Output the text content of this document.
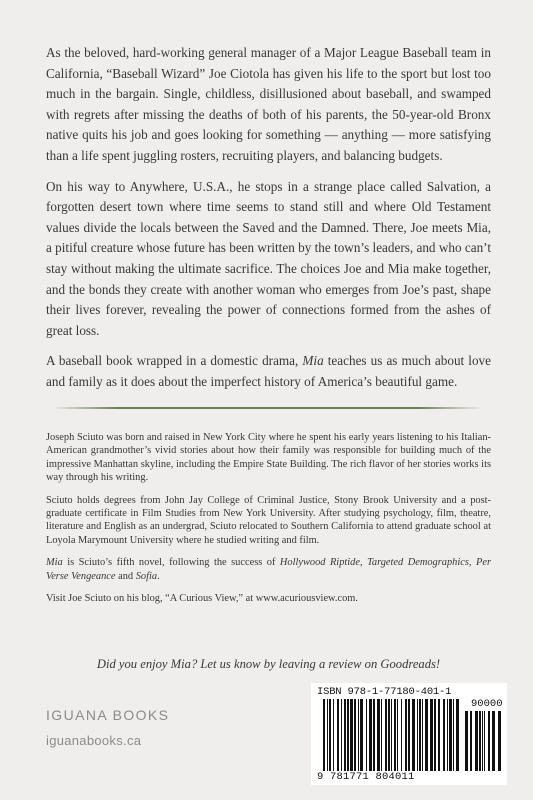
As the beloved, hard-working general manager of a Major League Baseball team in California, “Baseball Wizard” Joe Ciotola has given his life to the sport but lost too much in the bargain. Single, childless, disillusioned about baseball, and swamped with regrets after missing the deaths of both of his parents, the 50-year-old Bronx native quits his job and goes looking for something — anything — more satisfying than a life spent juggling rosters, recruiting players, and balancing budgets.

On his way to Anywhere, U.S.A., he stops in a strange place called Salvation, a forgotten desert town where time seems to stand still and where Old Testament values divide the locals between the Saved and the Damned. There, Joe meets Mia, a pitiful creature whose future has been written by the town’s leaders, and who can’t stay without making the ultimate sacrifice. The choices Joe and Mia make together, and the bonds they create with another woman who emerges from Joe’s past, shape their lives forever, revealing the power of connections formed from the ashes of great loss.

A baseball book wrapped in a domestic drama, Mia teaches us as much about love and family as it does about the imperfect history of America’s beautiful game.

Joseph Sciuto was born and raised in New York City where he spent his early years listening to his Italian-American grandmother’s vivid stories about how their family was responsible for building much of the impressive Manhattan skyline, including the Empire State Building. The rich flavor of her stories works its way through his writing.

Sciuto holds degrees from John Jay College of Criminal Justice, Stony Brook University and a post-graduate certificate in Film Studies from New York University. After studying psychology, film, theatre, literature and English as an undergrad, Sciuto relocated to Southern California to attend graduate school at Loyola Marymount University where he studied writing and film.

Mia is Sciuto’s fifth novel, following the success of Hollywood Riptide, Targeted Demographics, Per Verse Vengeance and Sofia.

Visit Joe Sciuto on his blog, “A Curious View,” at www.acuriousview.com.

Did you enjoy Mia? Let us know by leaving a review on Goodreads!
IGUANA BOOKS
iguanabooks.ca
ISBN 978-1-77180-401-1
90000
9 781771 804011
